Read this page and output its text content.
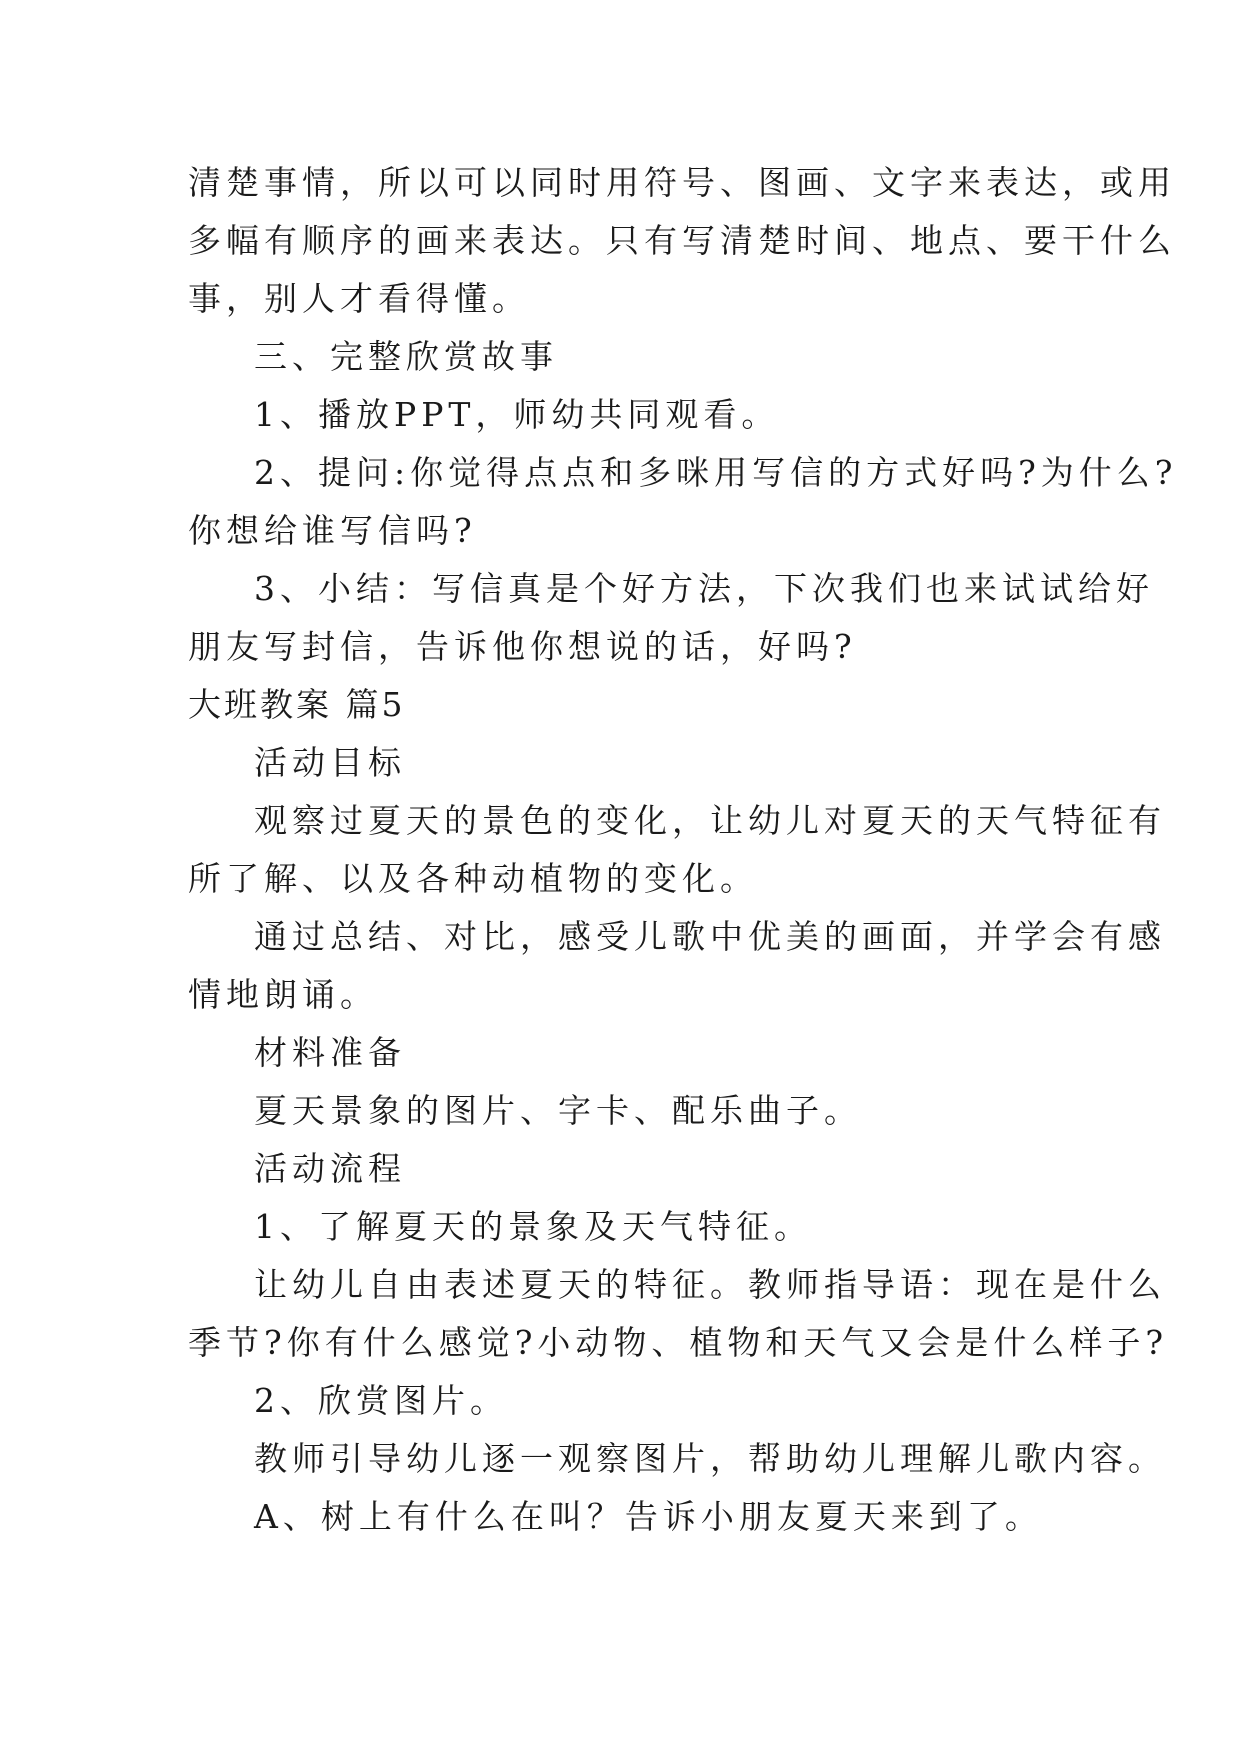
清楚事情，所以可以同时用符号、图画、文字来表达，或用
多幅有顺序的画来表达。只有写清楚时间、地点、要干什么
事，别人才看得懂。
三、完整欣赏故事
1、播放PPT，师幼共同观看。
2、提问:你觉得点点和多咪用写信的方式好吗?为什么?
你想给谁写信吗?
3、小结：写信真是个好方法，下次我们也来试试给好
朋友写封信，告诉他你想说的话，好吗?
大班教案 篇5
活动目标
观察过夏天的景色的变化，让幼儿对夏天的天气特征有
所了解、以及各种动植物的变化。
通过总结、对比，感受儿歌中优美的画面，并学会有感
情地朗诵。
材料准备
夏天景象的图片、字卡、配乐曲子。
活动流程
1、了解夏天的景象及天气特征。
让幼儿自由表述夏天的特征。教师指导语：现在是什么
季节?你有什么感觉?小动物、植物和天气又会是什么样子?
2、欣赏图片。
教师引导幼儿逐一观察图片，帮助幼儿理解儿歌内容。
A、树上有什么在叫？告诉小朋友夏天来到了。
